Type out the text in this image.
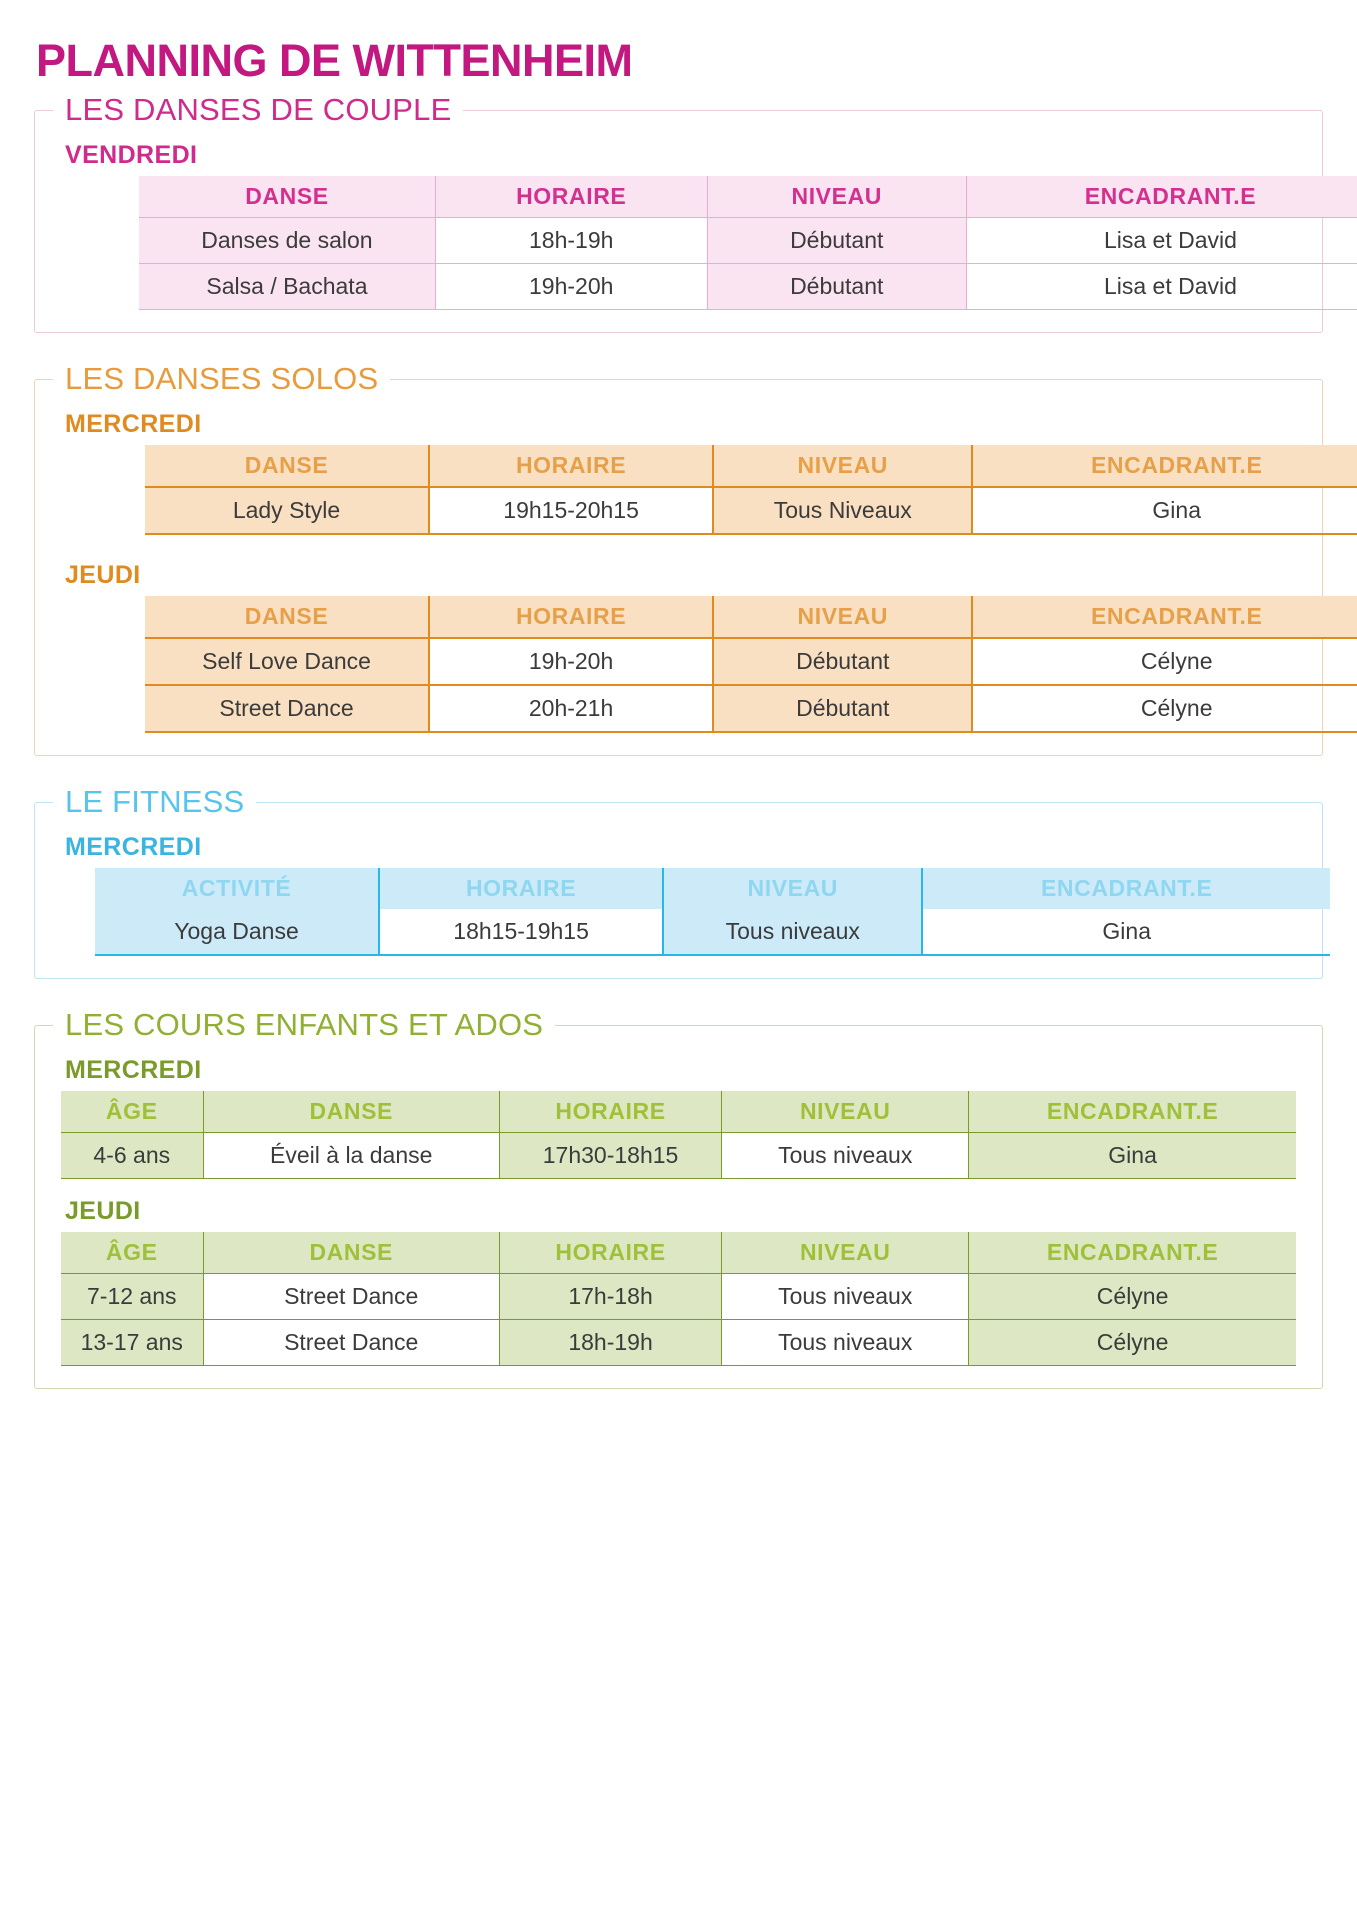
PLANNING DE WITTENHEIM
LES DANSES DE COUPLE
VENDREDI
DANSE	HORAIRE	NIVEAU	ENCADRANT.E
Danses de salon	18h-19h	Débutant	Lisa et David
Salsa / Bachata	19h-20h	Débutant	Lisa et David
LES DANSES SOLOS
MERCREDI
DANSE	HORAIRE	NIVEAU	ENCADRANT.E
Lady Style	19h15-20h15	Tous Niveaux	Gina
JEUDI
DANSE	HORAIRE	NIVEAU	ENCADRANT.E
Self Love Dance	19h-20h	Débutant	Célyne
Street Dance	20h-21h	Débutant	Célyne
LE FITNESS
MERCREDI
ACTIVITÉ	HORAIRE	NIVEAU	ENCADRANT.E
Yoga Danse	18h15-19h15	Tous niveaux	Gina
LES COURS ENFANTS ET ADOS
MERCREDI
ÂGE	DANSE	HORAIRE	NIVEAU	ENCADRANT.E
4-6 ans	Éveil à la danse	17h30-18h15	Tous niveaux	Gina
JEUDI
ÂGE	DANSE	HORAIRE	NIVEAU	ENCADRANT.E
7-12 ans	Street Dance	17h-18h	Tous niveaux	Célyne
13-17 ans	Street Dance	18h-19h	Tous niveaux	Célyne
